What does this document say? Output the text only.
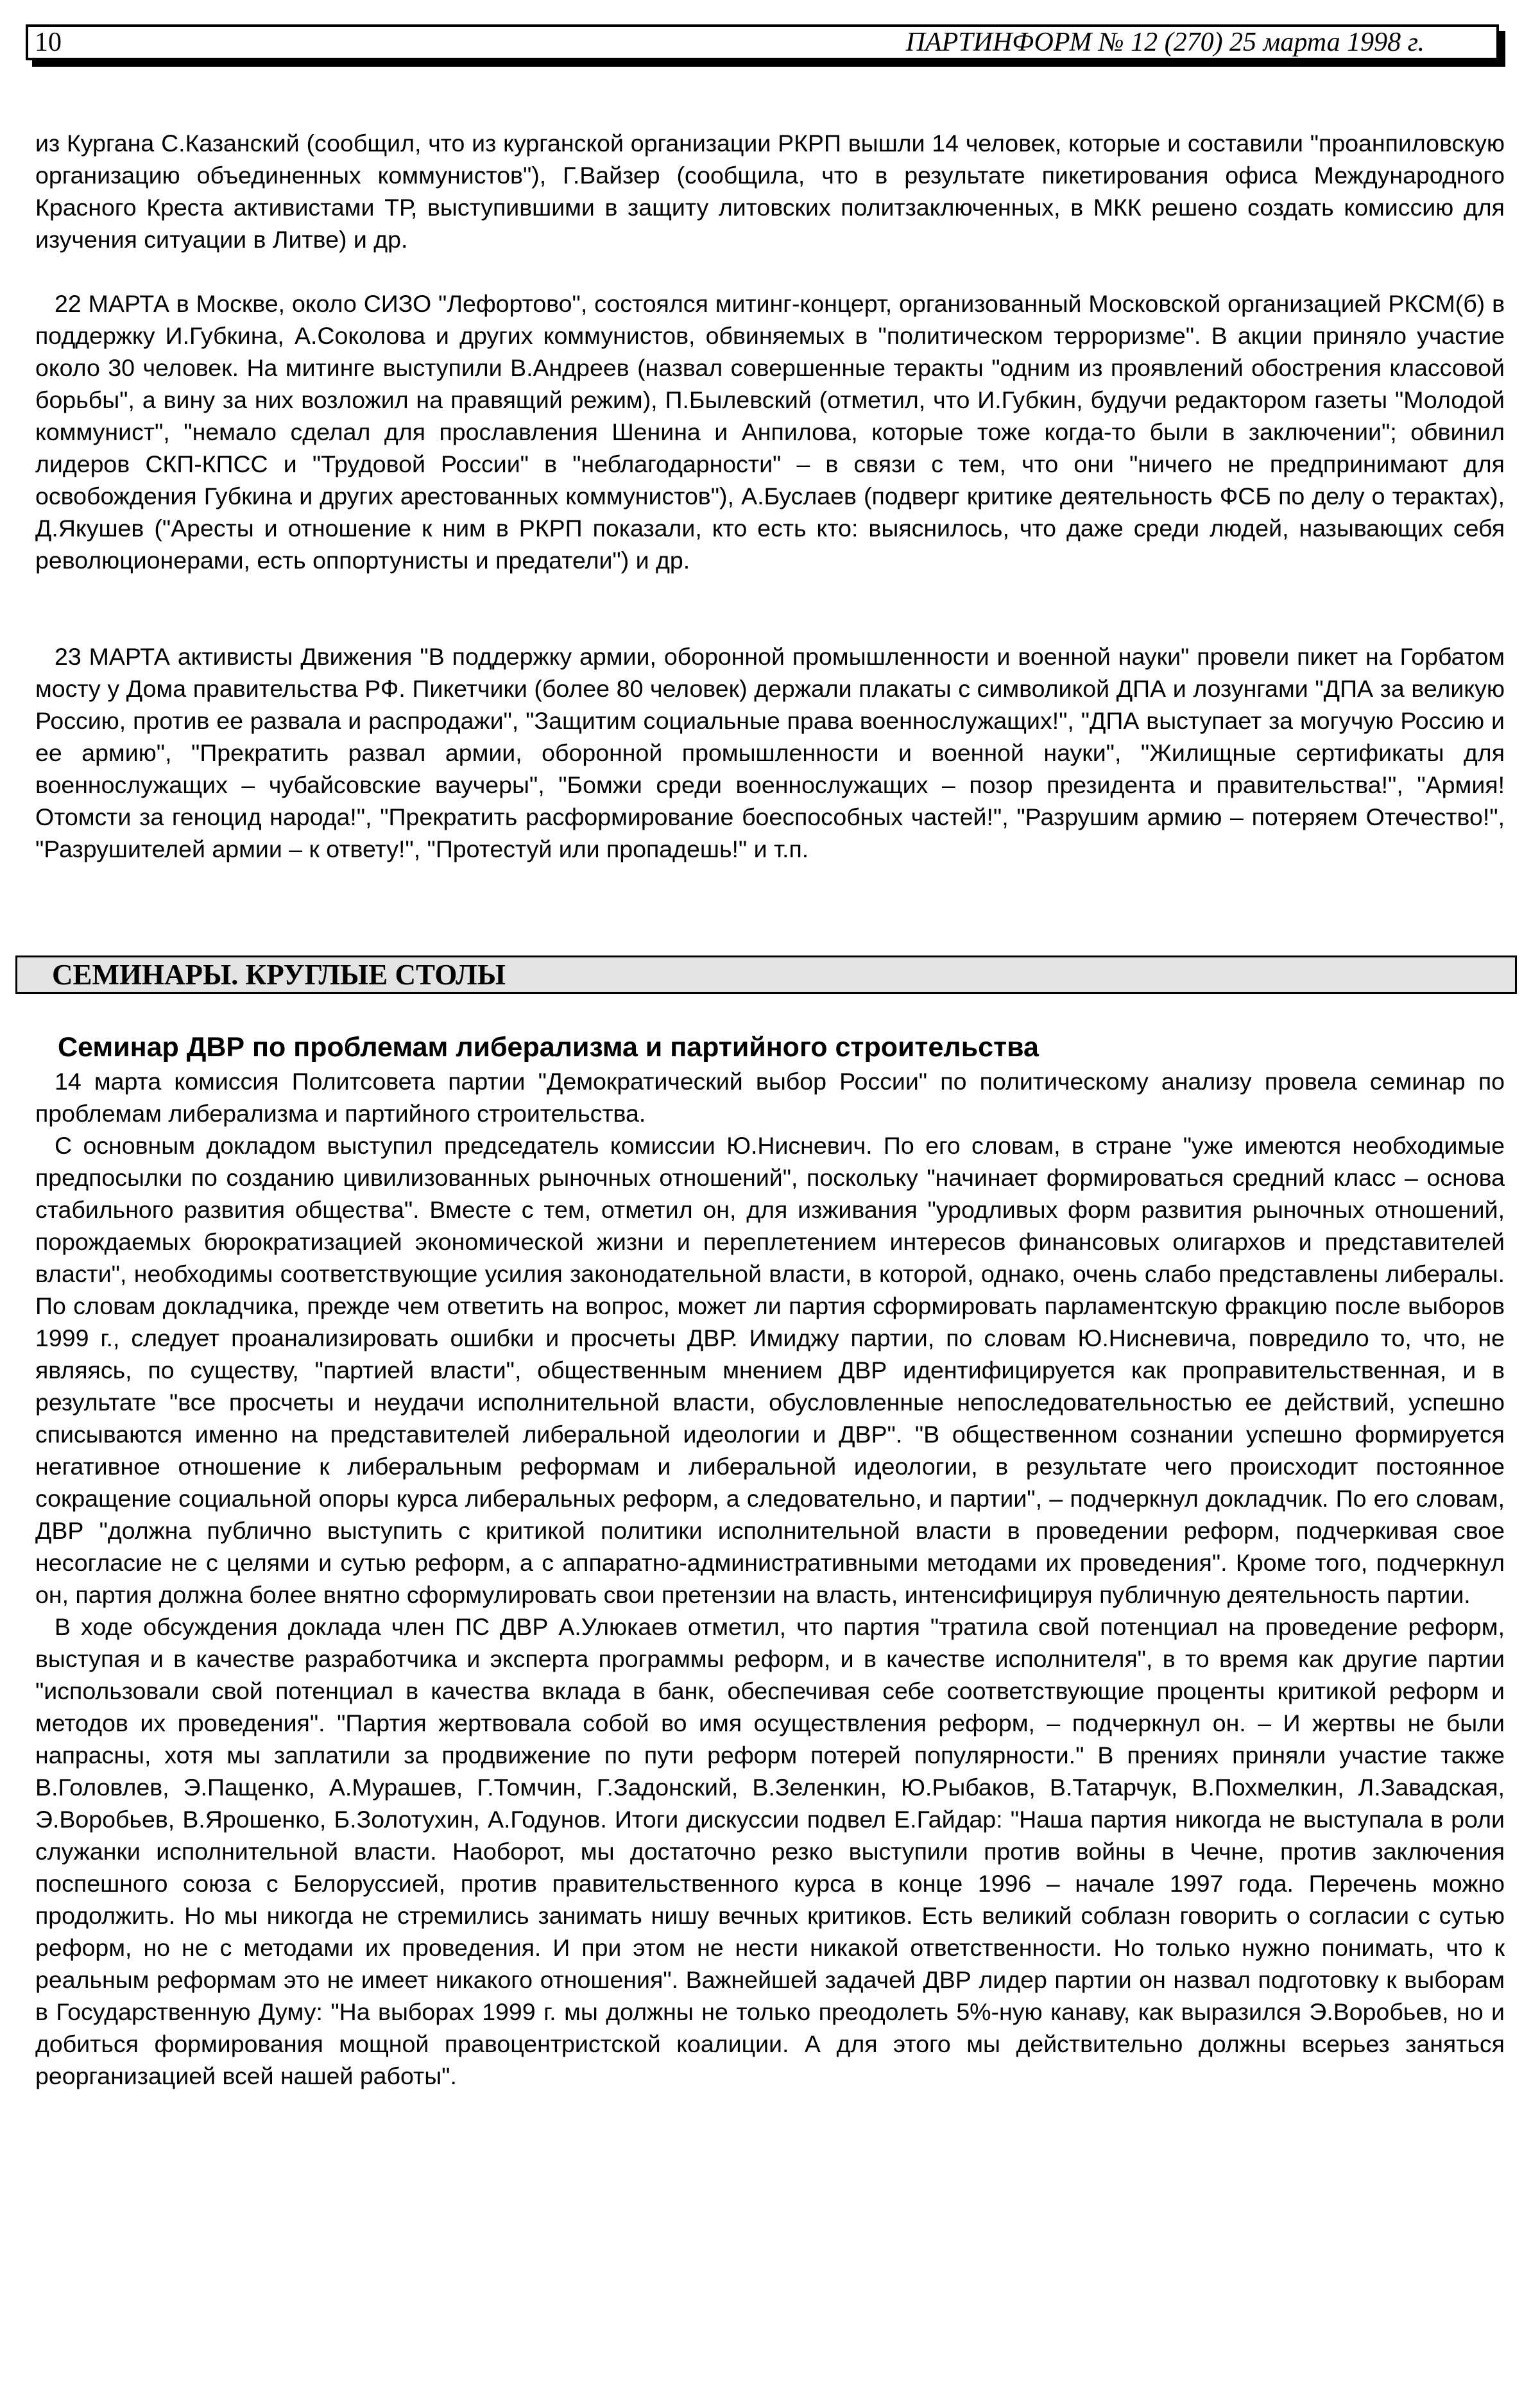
10	ПАРТИНФОРМ № 12 (270) 25 марта 1998 г.

из Кургана С.Казанский (сообщил, что из курганской организации РКРП вышли 14 человек, которые и составили "проанпиловскую организацию объединенных коммунистов"), Г.Вайзер (сообщила, что в результате пикетирования офиса Международного Красного Креста активистами ТР, выступившими в защиту литовских политзаключенных, в МКК решено создать комиссию для изучения ситуации в Литве) и др.

22 МАРТА в Москве, около СИЗО "Лефортово", состоялся митинг-концерт, организованный Московской организацией РКСМ(б) в поддержку И.Губкина, А.Соколова и других коммунистов, обвиняемых в "политическом терроризме". В акции приняло участие около 30 человек. На митинге выступили В.Андреев (назвал совершенные теракты "одним из проявлений обострения классовой борьбы", а вину за них возложил на правящий режим), П.Былевский (отметил, что И.Губкин, будучи редактором газеты "Молодой коммунист", "немало сделал для прославления Шенина и Анпилова, которые тоже когда-то были в заключении"; обвинил лидеров СКП-КПСС и "Трудовой России" в "неблагодарности" – в связи с тем, что они "ничего не предпринимают для освобождения Губкина и других арестованных коммунистов"), А.Буслаев (подверг критике деятельность ФСБ по делу о терактах), Д.Якушев ("Аресты и отношение к ним в РКРП показали, кто есть кто: выяснилось, что даже среди людей, называющих себя революционерами, есть оппортунисты и предатели") и др.

23 МАРТА активисты Движения "В поддержку армии, оборонной промышленности и военной науки" провели пикет на Горбатом мосту у Дома правительства РФ. Пикетчики (более 80 человек) держали плакаты с символикой ДПА и лозунгами "ДПА за великую Россию, против ее развала и распродажи", "Защитим социальные права военнослужащих!", "ДПА выступает за могучую Россию и ее армию", "Прекратить развал армии, оборонной промышленности и военной науки", "Жилищные сертификаты для военнослужащих – чубайсовские ваучеры", "Бомжи среди военнослужащих – позор президента и правительства!", "Армия! Отомсти за геноцид народа!", "Прекратить расформирование боеспособных частей!", "Разрушим армию – потеряем Отечество!", "Разрушителей армии – к ответу!", "Протестуй или пропадешь!" и т.п.

СЕМИНАРЫ. КРУГЛЫЕ СТОЛЫ
Семинар ДВР по проблемам либерализма и партийного строительства

14 марта комиссия Политсовета партии "Демократический выбор России" по политическому анализу провела семинар по проблемам либерализма и партийного строительства.

С основным докладом выступил председатель комиссии Ю.Нисневич. По его словам, в стране "уже имеются необходимые предпосылки по созданию цивилизованных рыночных отношений", поскольку "начинает формироваться средний класс – основа стабильного развития общества". Вместе с тем, отметил он, для изживания "уродливых форм развития рыночных отношений, порождаемых бюрократизацией экономической жизни и переплетением интересов финансовых олигархов и представителей власти", необходимы соответствующие усилия законодательной власти, в которой, однако, очень слабо представлены либералы. По словам докладчика, прежде чем ответить на вопрос, может ли партия сформировать парламентскую фракцию после выборов 1999 г., следует проанализировать ошибки и просчеты ДВР. Имиджу партии, по словам Ю.Нисневича, повредило то, что, не являясь, по существу, "партией власти", общественным мнением ДВР идентифицируется как проправительственная, и в результате "все просчеты и неудачи исполнительной власти, обусловленные непоследовательностью ее действий, успешно списываются именно на представителей либеральной идеологии и ДВР". "В общественном сознании успешно формируется негативное отношение к либеральным реформам и либеральной идеологии, в результате чего происходит постоянное сокращение социальной опоры курса либеральных реформ, а следовательно, и партии", – подчеркнул докладчик. По его словам, ДВР "должна публично выступить с критикой политики исполнительной власти в проведении реформ, подчеркивая свое несогласие не с целями и сутью реформ, а с аппаратно-административными методами их проведения". Кроме того, подчеркнул он, партия должна более внятно сформулировать свои претензии на власть, интенсифицируя публичную деятельность партии.

В ходе обсуждения доклада член ПС ДВР А.Улюкаев отметил, что партия "тратила свой потенциал на проведение реформ, выступая и в качестве разработчика и эксперта программы реформ, и в качестве исполнителя", в то время как другие партии "использовали свой потенциал в качества вклада в банк, обеспечивая себе соответствующие проценты критикой реформ и методов их проведения". "Партия жертвовала собой во имя осуществления реформ, – подчеркнул он. – И жертвы не были напрасны, хотя мы заплатили за продвижение по пути реформ потерей популярности." В прениях приняли участие также В.Головлев, Э.Пащенко, А.Мурашев, Г.Томчин, Г.Задонский, В.Зеленкин, Ю.Рыбаков, В.Татарчук, В.Похмелкин, Л.Завадская, Э.Воробьев, В.Ярошенко, Б.Золотухин, А.Годунов. Итоги дискуссии подвел Е.Гайдар: "Наша партия никогда не выступала в роли служанки исполнительной власти. Наоборот, мы достаточно резко выступили против войны в Чечне, против заключения поспешного союза с Белоруссией, против правительственного курса в конце 1996 – начале 1997 года. Перечень можно продолжить. Но мы никогда не стремились занимать нишу вечных критиков. Есть великий соблазн говорить о согласии с сутью реформ, но не с методами их проведения. И при этом не нести никакой ответственности. Но только нужно понимать, что к реальным реформам это не имеет никакого отношения". Важнейшей задачей ДВР лидер партии он назвал подготовку к выборам в Государственную Думу: "На выборах 1999 г. мы должны не только преодолеть 5%-ную канаву, как выразился Э.Воробьев, но и добиться формирования мощной правоцентристской коалиции. А для этого мы действительно должны всерьез заняться реорганизацией всей нашей работы".
